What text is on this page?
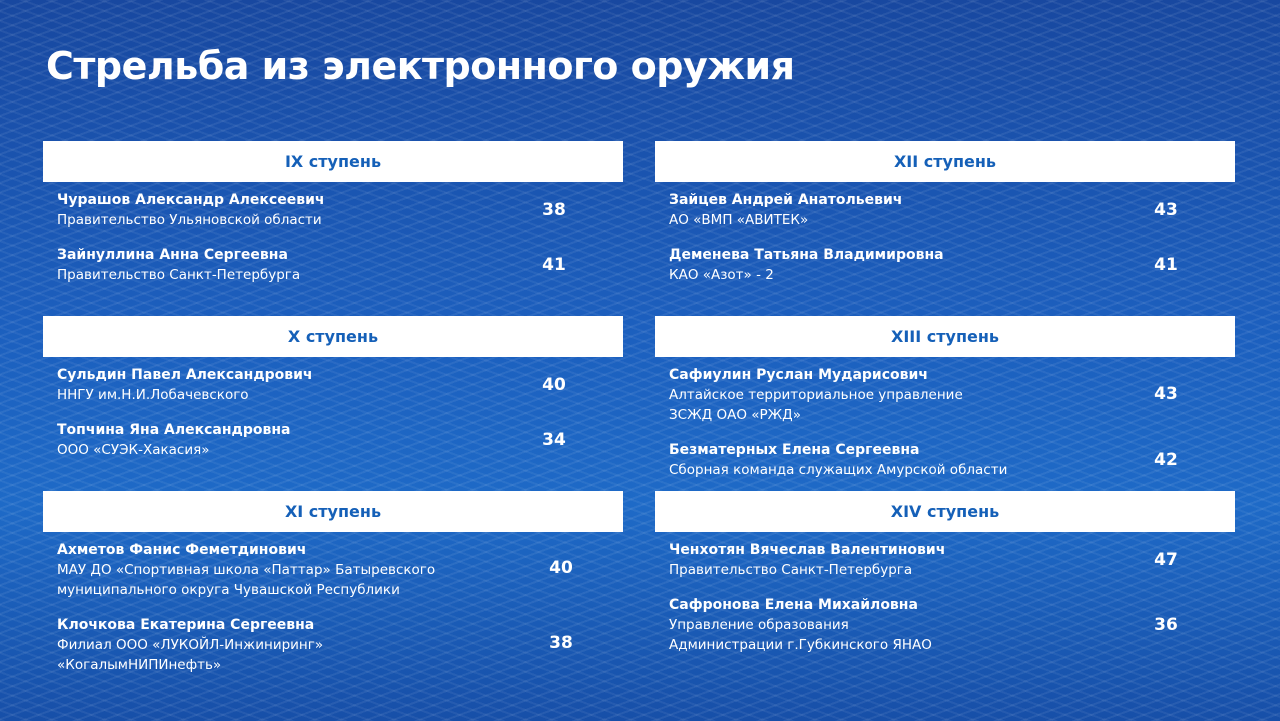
Стрельба из электронного оружия
IX ступень
Чурашов Александр Алексеевич
Правительство Ульяновской области	38
Зайнуллина Анна Сергеевна
Правительство Санкт-Петербурга	41
X ступень
Сульдин Павел Александрович
ННГУ им.Н.И.Лобачевского	40
Топчина Яна Александровна
ООО «СУЭК-Хакасия»	34
XI ступень
Ахметов Фанис Феметдинович
МАУ ДО «Спортивная школа «Паттар» Батыревского
муниципального округа Чувашской Республики
40
Клочкова Екатерина Сергеевна
Филиал ООО «ЛУКОЙЛ-Инжиниринг»
«КогалымНИПИнефть»
38
XII ступень
Зайцев Андрей Анатольевич
АО «ВМП «АВИТЕК»	43
Деменева Татьяна Владимировна
КАО «Азот» - 2	41
XIII ступень
Сафиулин Руслан Мударисович
Алтайское территориальное управление
ЗСЖД ОАО «РЖД»
43
Безматерных Елена Сергеевна
Сборная команда служащих Амурской области	42
XIV ступень
Ченхотян Вячеслав Валентинович
Правительство Санкт-Петербурга	47
Сафронова Елена Михайловна
Управление образования
Администрации г.Губкинского ЯНАО
36
